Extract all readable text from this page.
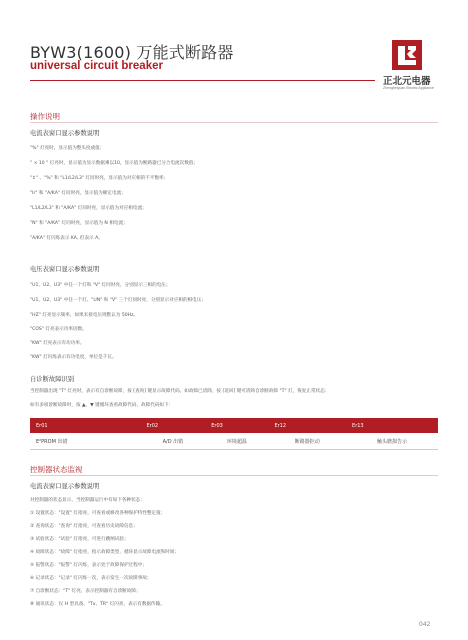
BYW3(1600) 万能式断路器
universal circuit breaker
正北元电器
Zhengbeiyuan Electric Appliance
操作说明
电流表窗口显示参数说明
"%" 灯亮时，显示值为整头度或值；
" × 10 " 灯亮时，显示值为显示数据乘以10，显示值为断路器已分合电流次数值；
"↕" 、"%" 和 "L1/L2/L3" 灯同时亮，显示值为对应相的不平衡率；
"Ir" 和 "A/KA" 灯同时亮，显示值为额定电流；
"L1/L2/L3" 和 "A/KA" 灯同时亮，显示值为对应相电流；
"N" 和 "A/KA" 灯同时亮，显示值为 N 相电流；
"A/KA" 灯闪烁表示 KA, 但表示 A。
电压表窗口显示参数说明
"U1、U2、U3" 中任一个灯和 "V" 灯同时亮，分别显示三相的电压；
"U1、U2、U3" 中任一个灯、"UN" 和 "V" 三个灯同时亮，分别显示对应相的相电压；
"HZ" 灯亮显示频率，如果未接电压则默认为 50Hz。
"COS" 灯亮表示功率因数。
"KW" 灯亮表示有功功率。
"KW" 灯闪烁表示有功电度，单位是千瓦。
自诊断故障识别
当控制器出现 "T" 灯亮时，表示有自诊断故障，按 [查询] 键显示故障代码。如故障已清除，按 [返回] 键可清除自诊断故障 "T" 灯，恢复正常状态；
如有多项诊断故障时，按 ▲、▼ 键循环查看故障代码，故障代码如下：
Er01	Er02	Er03	Er12	Er13
E²PROM 出错	A/D 出错	环境超温	断路器拒动	触头磨损告示
控制器状态监视
电流表窗口显示参数说明
对控制器的状态显示，当控制器运行中有如下各种状态：
① 设置状态："设置" 灯指亮，可查看或修改各种保护特性整定值；
② 查询状态："查询" 灯指亮，可查看历史故障信息；
③ 试验状态："试验" 灯指亮，可进行跳闸试验；
④ 故障状态："故障" 灯指亮，指示故障类型，循环显示故障电流和时间；
⑤ 报警状态："报警" 灯闪烁，表示处于故障保护过程中；
⑥ 记录状态："记录" 灯闪烁一次，表示发生一次故障事故；
⑦ 自诊断状态："T" 灯亮，表示控制器有自诊断故障；
⑧ 通讯状态：仅 H 型具备，"Tx、TR" 灯闪亮，表示有数据传输。
042
